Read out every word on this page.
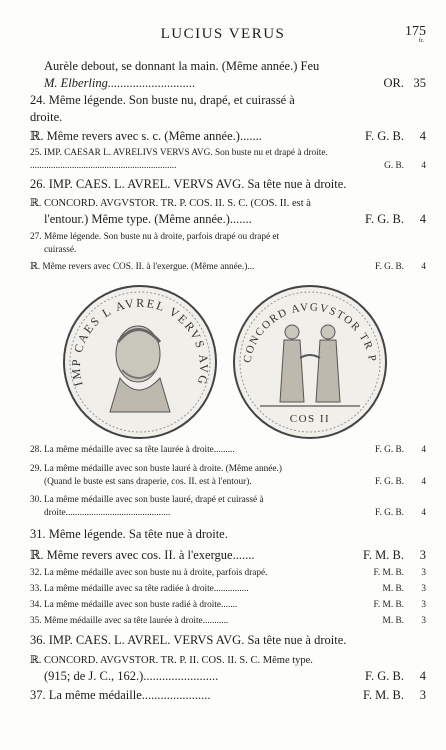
LUCIUS VERUS	175
fr.
Aurèle debout, se donnant la main. (Même année.) Feu
M. Elberling............................	OR. 35
24. Même légende. Son buste nu, drapé, et cuirassé à
droite.
ℝ. Même revers avec s. c. (Même année.).......	F. G. B.	4
25. IMP. CAESAR L. AVRELIVS VERVS AVG. Son buste nu et drapé à droite.
...............................................................	G. B.	4
26. IMP. CAES. L. AVREL. VERVS AVG. Sa tête nue à droite.
ℝ. CONCORD. AVGVSTOR. TR. P. COS. II. S. C. (COS. II. est à
l'entour.) Même type. (Même année.).......	F. G. B.	4
27. Même légende. Son buste nu à droite, parfois drapé ou drapé et
cuirassé.
ℝ. Même revers avec COS. II. à l'exergue. (Même année.)...	F. G. B.	4
IMP CAES L AVREL VERVS AVG
CONCORD AVGVSTOR TR P
COS II
28. La même médaille avec sa tête laurée à droite.........	F. G. B.	4
29. La même médaille avec son buste lauré à droite. (Même année.)
(Quand le buste est sans draperie, cos. II. est à l'entour).	F. G. B.	4
30. La même médaille avec son buste lauré, drapé et cuirassé à
droite.............................................	F. G. B.	4
31. Même légende. Sa tête nue à droite.
ℝ. Même revers avec cos. II. à l'exergue.......	F. M. B.	3
32. La même médaille avec son buste nu à droite, parfois drapé.	F. M. B.	3
33. La même médaille avec sa tête radiée à droite...............	M. B.	3
34. La même médaille avec son buste radié à droite.......	F. M. B.	3
35. Même médaille avec sa tête laurée à droite...........	M. B.	3
36. IMP. CAES. L. AVREL. VERVS AVG. Sa tête nue à droite.
ℝ. CONCORD. AVGVSTOR. TR. P. II. COS. II. S. C. Même type.
(915; de J. C., 162.)........................	F. G. B.	4
37. La même médaille......................	F. M. B.	3
